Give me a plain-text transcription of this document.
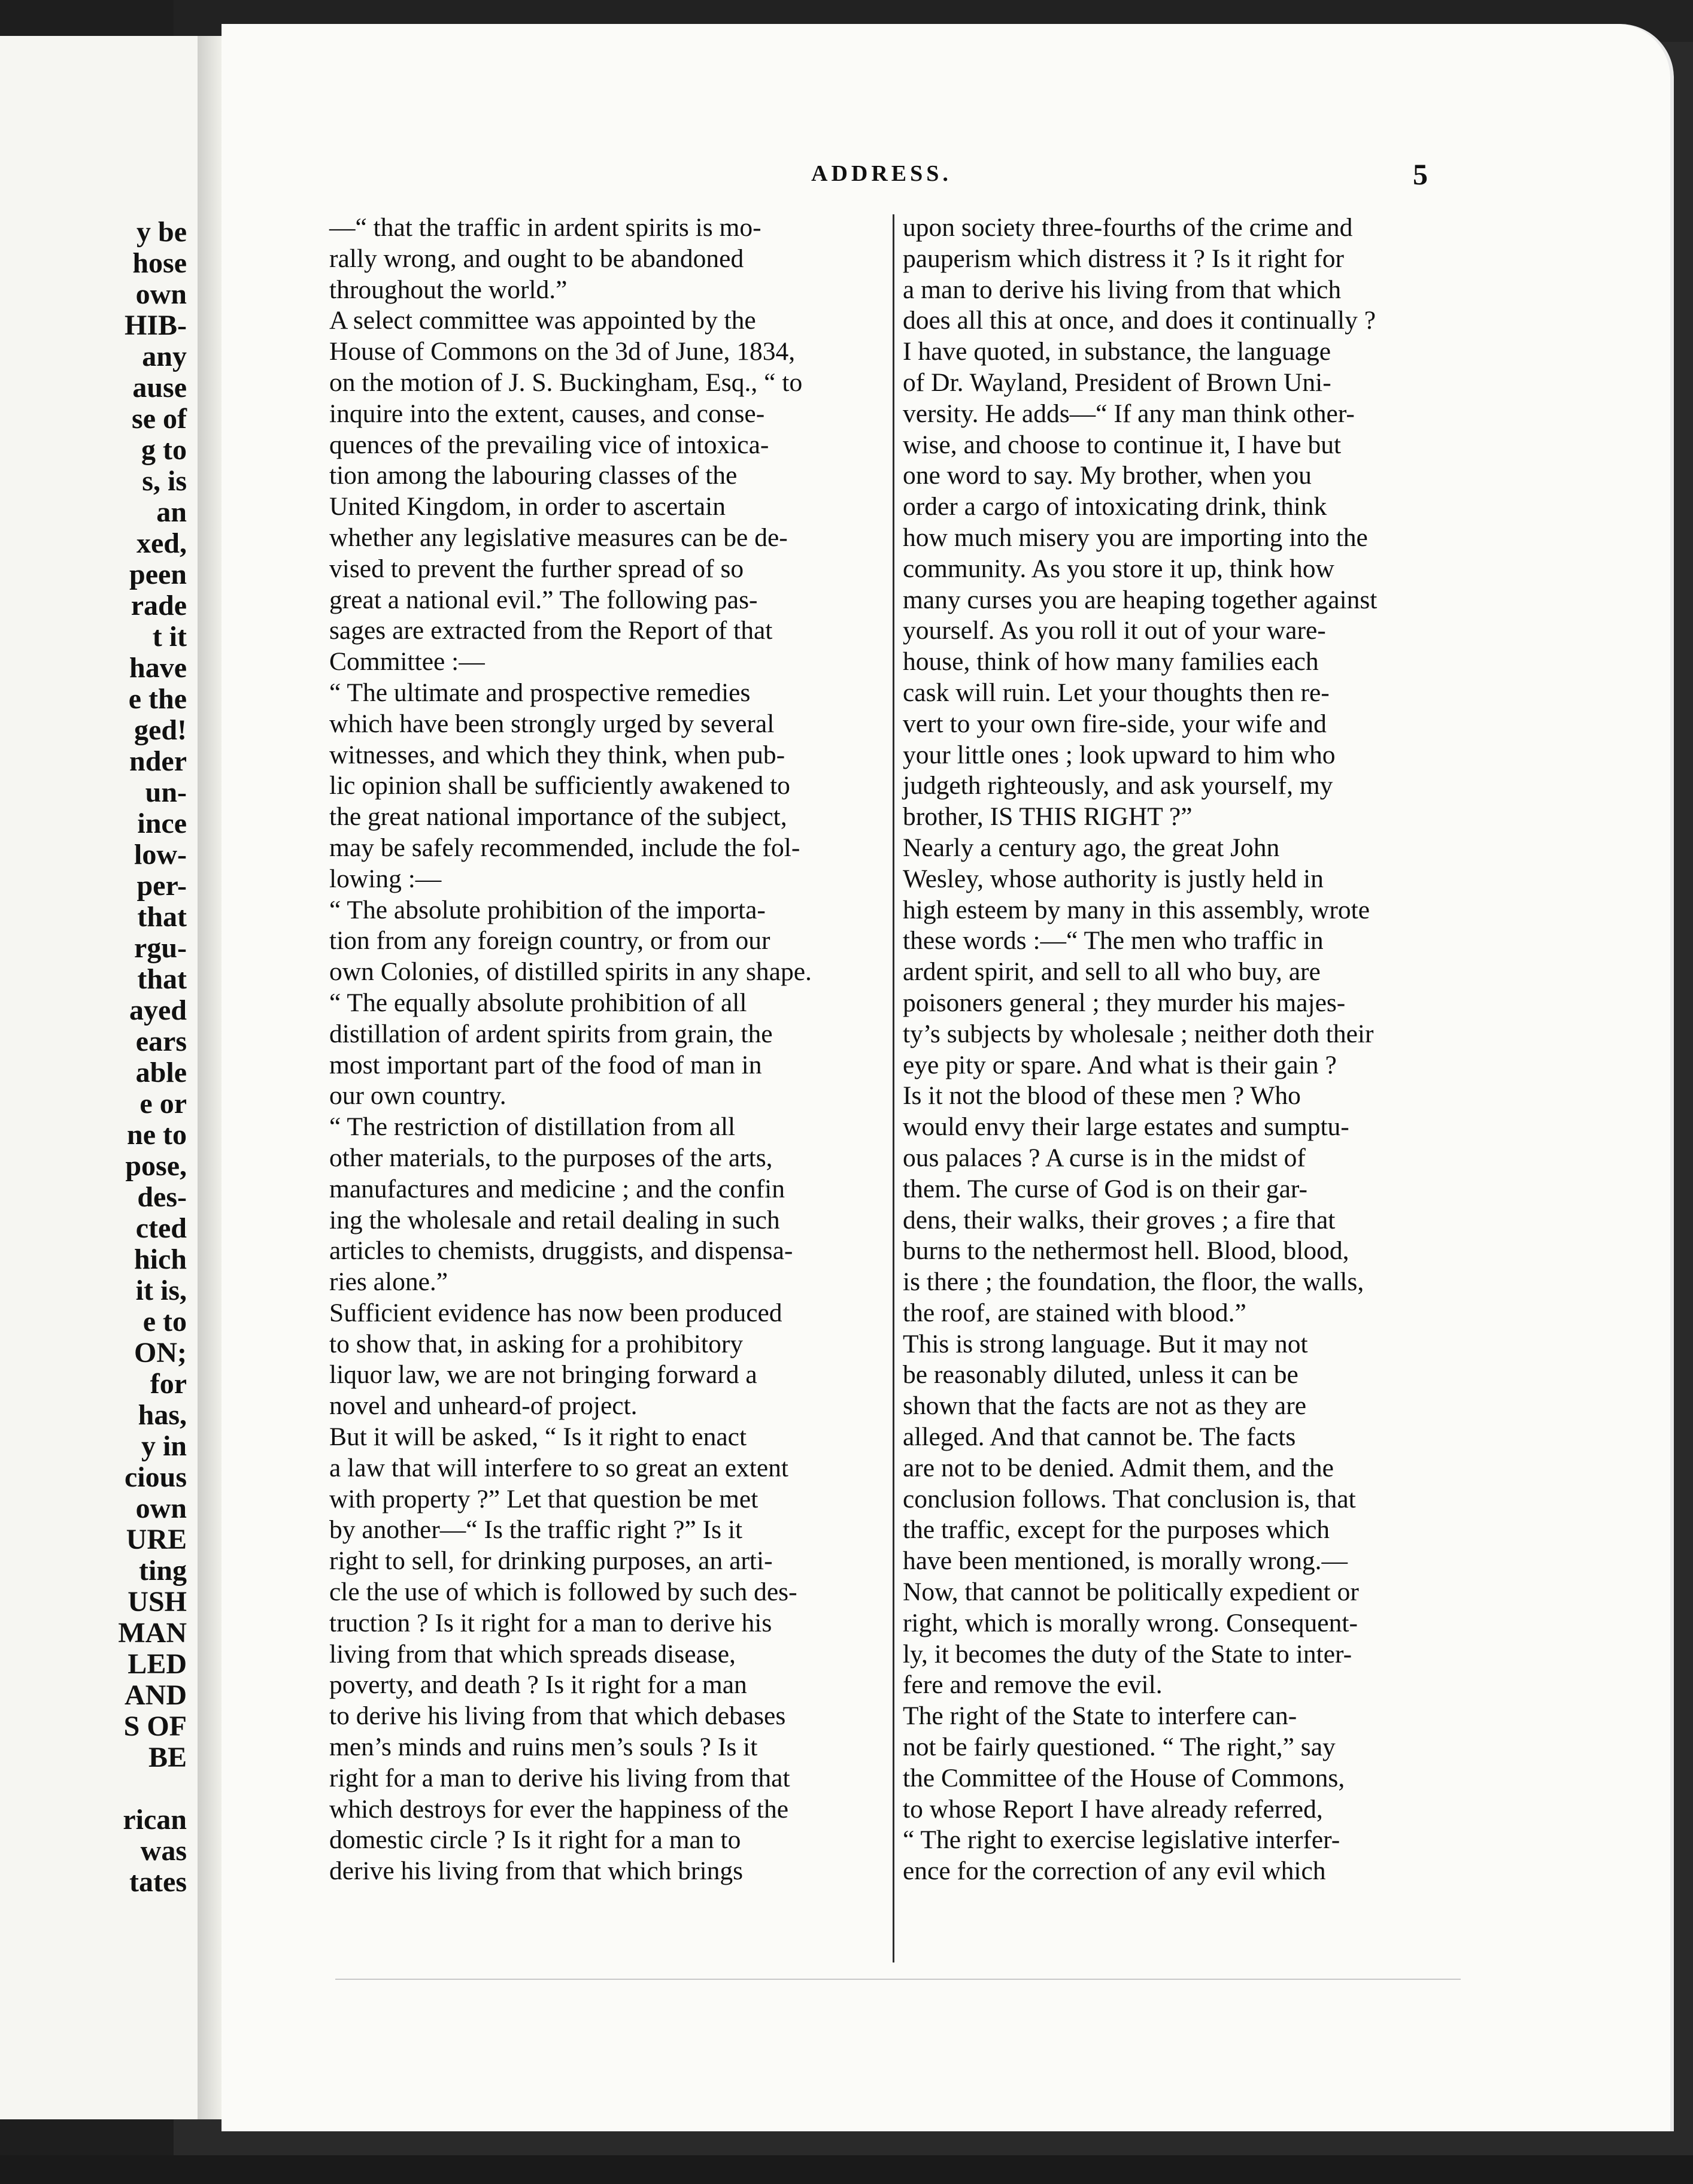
y be
hose
own
HIB-
any
ause
se of
g to
s, is
an
xed,
peen
rade
t it
have
e the
ged!
nder
un-
ince
low-
per-
that
rgu-
that
ayed
ears
able
e or
ne to
pose,
des-
cted
hich
it is,
e to
ON;
for
has,
y in
cious
own
URE
ting
USH
MAN
LED
AND
S OF
BE
rican
was
tates
ADDRESS.	5
—“ that the traffic in ardent spirits is mo-
rally wrong, and ought to be abandoned
throughout the world.”
A select committee was appointed by the
House of Commons on the 3d of June, 1834,
on the motion of J. S. Buckingham, Esq., “ to
inquire into the extent, causes, and conse-
quences of the prevailing vice of intoxica-
tion among the labouring classes of the
United Kingdom, in order to ascertain
whether any legislative measures can be de-
vised to prevent the further spread of so
great a national evil.” The following pas-
sages are extracted from the Report of that
Committee :—
“ The ultimate and prospective remedies
which have been strongly urged by several
witnesses, and which they think, when pub-
lic opinion shall be sufficiently awakened to
the great national importance of the subject,
may be safely recommended, include the fol-
lowing :—
“ The absolute prohibition of the importa-
tion from any foreign country, or from our
own Colonies, of distilled spirits in any shape.
“ The equally absolute prohibition of all
distillation of ardent spirits from grain, the
most important part of the food of man in
our own country.
“ The restriction of distillation from all
other materials, to the purposes of the arts,
manufactures and medicine ; and the confin
ing the wholesale and retail dealing in such
articles to chemists, druggists, and dispensa-
ries alone.”
Sufficient evidence has now been produced
to show that, in asking for a prohibitory
liquor law, we are not bringing forward a
novel and unheard-of project.
But it will be asked, “ Is it right to enact
a law that will interfere to so great an extent
with property ?” Let that question be met
by another—“ Is the traffic right ?” Is it
right to sell, for drinking purposes, an arti-
cle the use of which is followed by such des-
truction ? Is it right for a man to derive his
living from that which spreads disease,
poverty, and death ? Is it right for a man
to derive his living from that which debases
men’s minds and ruins men’s souls ? Is it
right for a man to derive his living from that
which destroys for ever the happiness of the
domestic circle ? Is it right for a man to
derive his living from that which brings
upon society three-fourths of the crime and
pauperism which distress it ? Is it right for
a man to derive his living from that which
does all this at once, and does it continually ?
I have quoted, in substance, the language
of Dr. Wayland, President of Brown Uni-
versity. He adds—“ If any man think other-
wise, and choose to continue it, I have but
one word to say. My brother, when you
order a cargo of intoxicating drink, think
how much misery you are importing into the
community. As you store it up, think how
many curses you are heaping together against
yourself. As you roll it out of your ware-
house, think of how many families each
cask will ruin. Let your thoughts then re-
vert to your own fire-side, your wife and
your little ones ; look upward to him who
judgeth righteously, and ask yourself, my
brother, IS THIS RIGHT ?”
Nearly a century ago, the great John
Wesley, whose authority is justly held in
high esteem by many in this assembly, wrote
these words :—“ The men who traffic in
ardent spirit, and sell to all who buy, are
poisoners general ; they murder his majes-
ty’s subjects by wholesale ; neither doth their
eye pity or spare. And what is their gain ?
Is it not the blood of these men ? Who
would envy their large estates and sumptu-
ous palaces ? A curse is in the midst of
them. The curse of God is on their gar-
dens, their walks, their groves ; a fire that
burns to the nethermost hell. Blood, blood,
is there ; the foundation, the floor, the walls,
the roof, are stained with blood.”
This is strong language. But it may not
be reasonably diluted, unless it can be
shown that the facts are not as they are
alleged. And that cannot be. The facts
are not to be denied. Admit them, and the
conclusion follows. That conclusion is, that
the traffic, except for the purposes which
have been mentioned, is morally wrong.—
Now, that cannot be politically expedient or
right, which is morally wrong. Consequent-
ly, it becomes the duty of the State to inter-
fere and remove the evil.
The right of the State to interfere can-
not be fairly questioned. “ The right,” say
the Committee of the House of Commons,
to whose Report I have already referred,
“ The right to exercise legislative interfer-
ence for the correction of any evil which
